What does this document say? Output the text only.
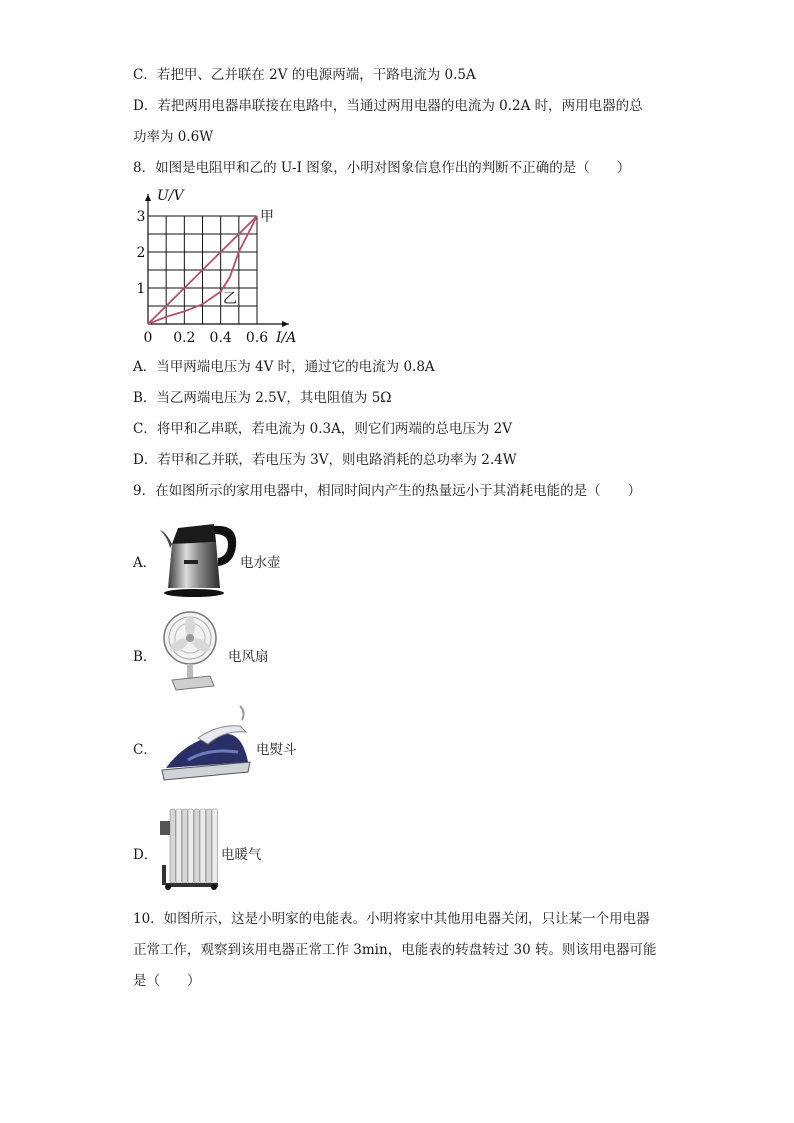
C．若把甲、乙并联在 2V 的电源两端，干路电流为 0.5A
D．若把两用电器串联接在电路中，当通过两用电器的电流为 0.2A 时，两用电器的总
功率为 0.6W
8．如图是电阻甲和乙的 U-I 图象，小明对图象信息作出的判断不正确的是（　　）
0 0.2 0.4 0.6
1
2
3
U/V
I/A
甲
乙
A．当甲两端电压为 4V 时，通过它的电流为 0.8A
B．当乙两端电压为 2.5V，其电阻值为 5Ω
C．将甲和乙串联，若电流为 0.3A，则它们两端的总电压为 2V
D．若甲和乙并联，若电压为 3V，则电路消耗的总功率为 2.4W
9．在如图所示的家用电器中，相同时间内产生的热量远小于其消耗电能的是（　　）
A．	电水壶
B．	电风扇
C．	电熨斗
D．	电暖气
10．如图所示，这是小明家的电能表。小明将家中其他用电器关闭，只让某一个用电器
正常工作，观察到该用电器正常工作 3min，电能表的转盘转过 30 转。则该用电器可能
是（　　）
